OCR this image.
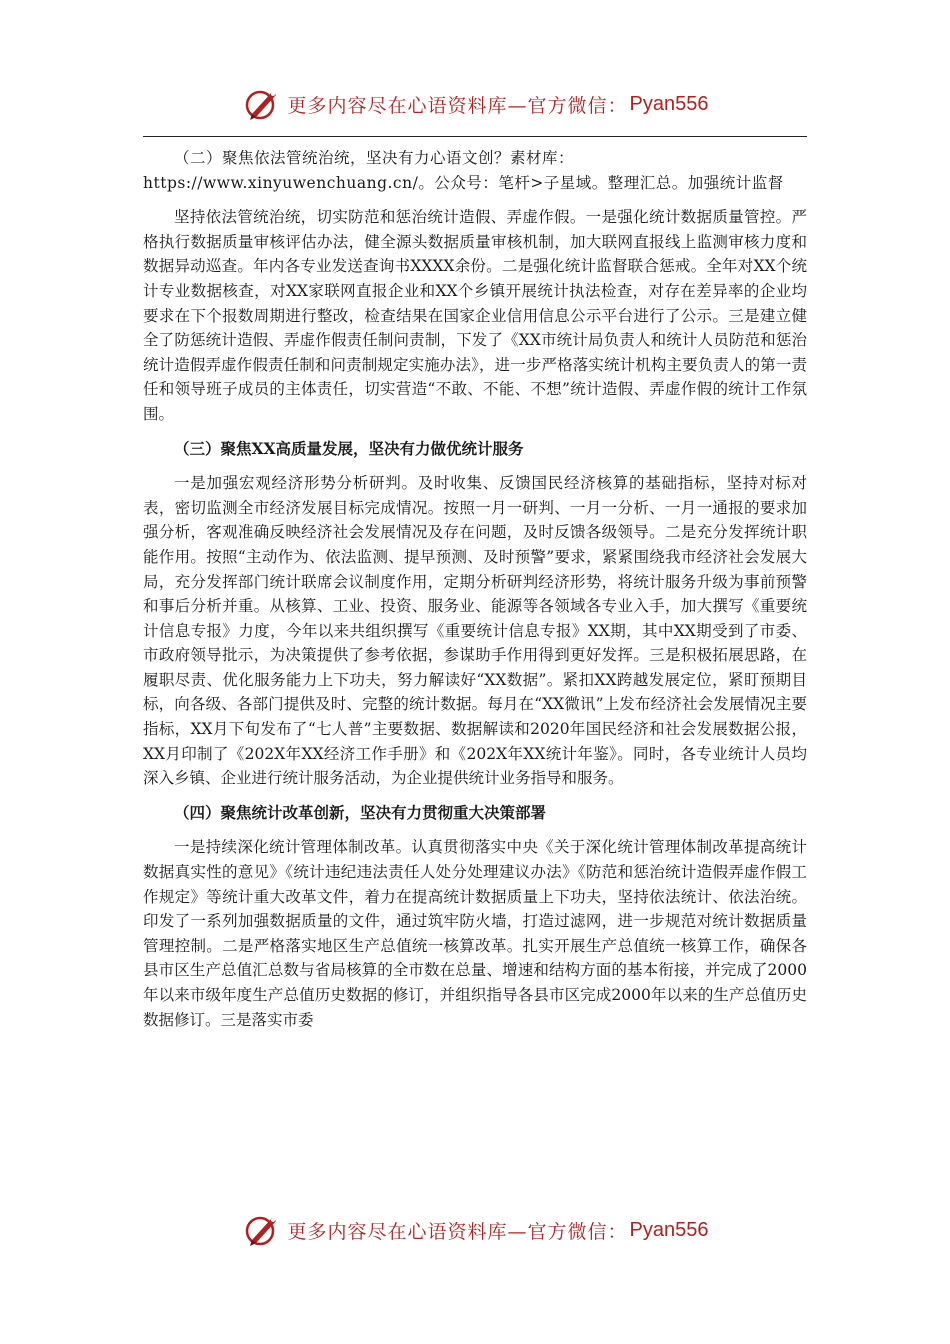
更多内容尽在心语资料库—官方微信： Pyan556

（二）聚焦依法管统治统，坚决有力心语文创？素材库：https://www.xinyuwenchuang.cn/。公众号：笔杆>子星域。整理汇总。加强统计监督

坚持依法管统治统，切实防范和惩治统计造假、弄虚作假。一是强化统计数据质量管控。严格执行数据质量审核评估办法，健全源头数据质量审核机制，加大联网直报线上监测审核力度和数据异动巡查。年内各专业发送查询书XXXX余份。二是强化统计监督联合惩戒。全年对XX个统计专业数据核查，对XX家联网直报企业和XX个乡镇开展统计执法检查，对存在差异率的企业均要求在下个报数周期进行整改，检查结果在国家企业信用信息公示平台进行了公示。三是建立健全了防惩统计造假、弄虚作假责任制问责制，下发了《XX市统计局负责人和统计人员防范和惩治统计造假弄虚作假责任制和问责制规定实施办法》，进一步严格落实统计机构主要负责人的第一责任和领导班子成员的主体责任，切实营造“不敢、不能、不想”统计造假、弄虚作假的统计工作氛围。

（三）聚焦XX高质量发展，坚决有力做优统计服务

一是加强宏观经济形势分析研判。及时收集、反馈国民经济核算的基础指标，坚持对标对表，密切监测全市经济发展目标完成情况。按照一月一研判、一月一分析、一月一通报的要求加强分析，客观准确反映经济社会发展情况及存在问题，及时反馈各级领导。二是充分发挥统计职能作用。按照“主动作为、依法监测、提早预测、及时预警”要求，紧紧围绕我市经济社会发展大局，充分发挥部门统计联席会议制度作用，定期分析研判经济形势，将统计服务升级为事前预警和事后分析并重。从核算、工业、投资、服务业、能源等各领域各专业入手，加大撰写《重要统计信息专报》力度，今年以来共组织撰写《重要统计信息专报》XX期，其中XX期受到了市委、市政府领导批示，为决策提供了参考依据，参谋助手作用得到更好发挥。三是积极拓展思路，在履职尽责、优化服务能力上下功夫，努力解读好“XX数据”。紧扣XX跨越发展定位，紧盯预期目标，向各级、各部门提供及时、完整的统计数据。每月在“XX微讯”上发布经济社会发展情况主要指标，XX月下旬发布了“七人普”主要数据、数据解读和2020年国民经济和社会发展数据公报，XX月印制了《202X年XX经济工作手册》和《202X年XX统计年鉴》。同时，各专业统计人员均深入乡镇、企业进行统计服务活动，为企业提供统计业务指导和服务。

（四）聚焦统计改革创新，坚决有力贯彻重大决策部署

一是持续深化统计管理体制改革。认真贯彻落实中央《关于深化统计管理体制改革提高统计数据真实性的意见》《统计违纪违法责任人处分处理建议办法》《防范和惩治统计造假弄虚作假工作规定》等统计重大改革文件，着力在提高统计数据质量上下功夫，坚持依法统计、依法治统。印发了一系列加强数据质量的文件，通过筑牢防火墙，打造过滤网，进一步规范对统计数据质量管理控制。二是严格落实地区生产总值统一核算改革。扎实开展生产总值统一核算工作，确保各县市区生产总值汇总数与省局核算的全市数在总量、增速和结构方面的基本衔接，并完成了2000年以来市级年度生产总值历史数据的修订，并组织指导各县市区完成2000年以来的生产总值历史数据修订。三是落实市委

更多内容尽在心语资料库—官方微信： Pyan556
